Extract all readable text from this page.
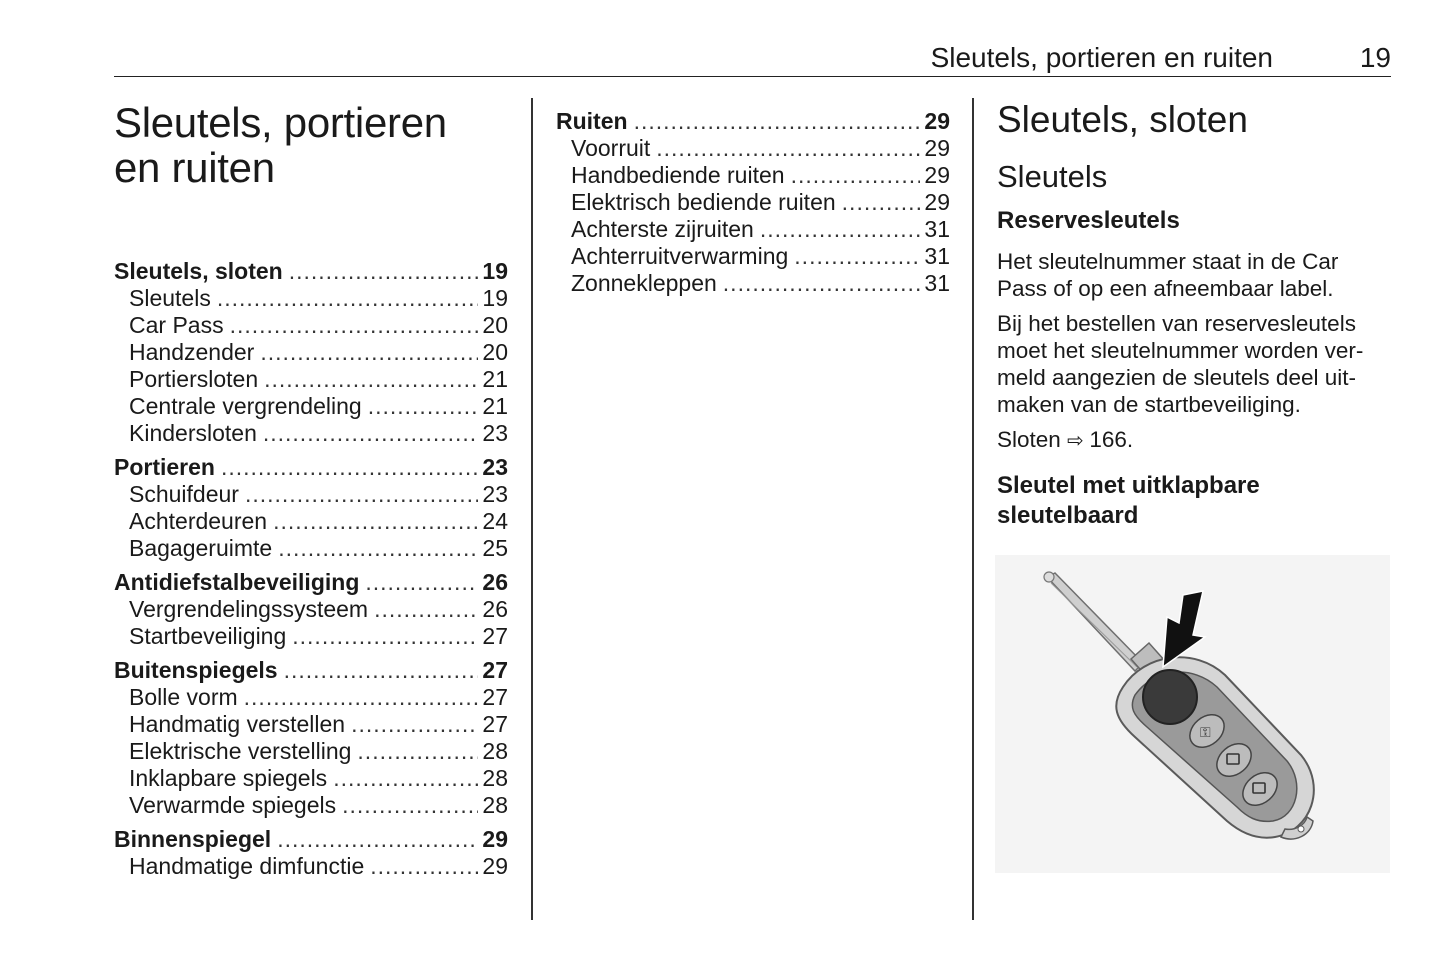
Sleutels, portieren en ruiten	19
Sleutels, portieren
en ruiten
Sleutels, sloten .....	19
Sleutels .....	19
Car Pass .....	20
Handzender .....	20
Portiersloten .....	21
Centrale vergrendeling .....	21
Kindersloten .....	23
Portieren .....	23
Schuifdeur .....	23
Achterdeuren .....	24
Bagageruimte .....	25
Antidiefstalbeveiliging .....	26
Vergrendelingssysteem .....	26
Startbeveiliging .....	27
Buitenspiegels .....	27
Bolle vorm .....	27
Handmatig verstellen .....	27
Elektrische verstelling .....	28
Inklapbare spiegels .....	28
Verwarmde spiegels .....	28
Binnenspiegel .....	29
Handmatige dimfunctie .....	29
Ruiten .....	29
Voorruit .....	29
Handbediende ruiten .....	29
Elektrisch bediende ruiten .....	29
Achterste zijruiten .....	31
Achterruitverwarming .....	31
Zonnekleppen .....	31
Sleutels, sloten
Sleutels
Reservesleutels

Het sleutelnummer staat in de Car Pass of op een afneembaar label.

Bij het bestellen van reservesleutels moet het sleutelnummer worden vermeld aangezien de sleutels deel uitmaken van de startbeveiliging.

Sloten ⇨ 166.

Sleutel met uitklapbare sleutelbaard
⚿
